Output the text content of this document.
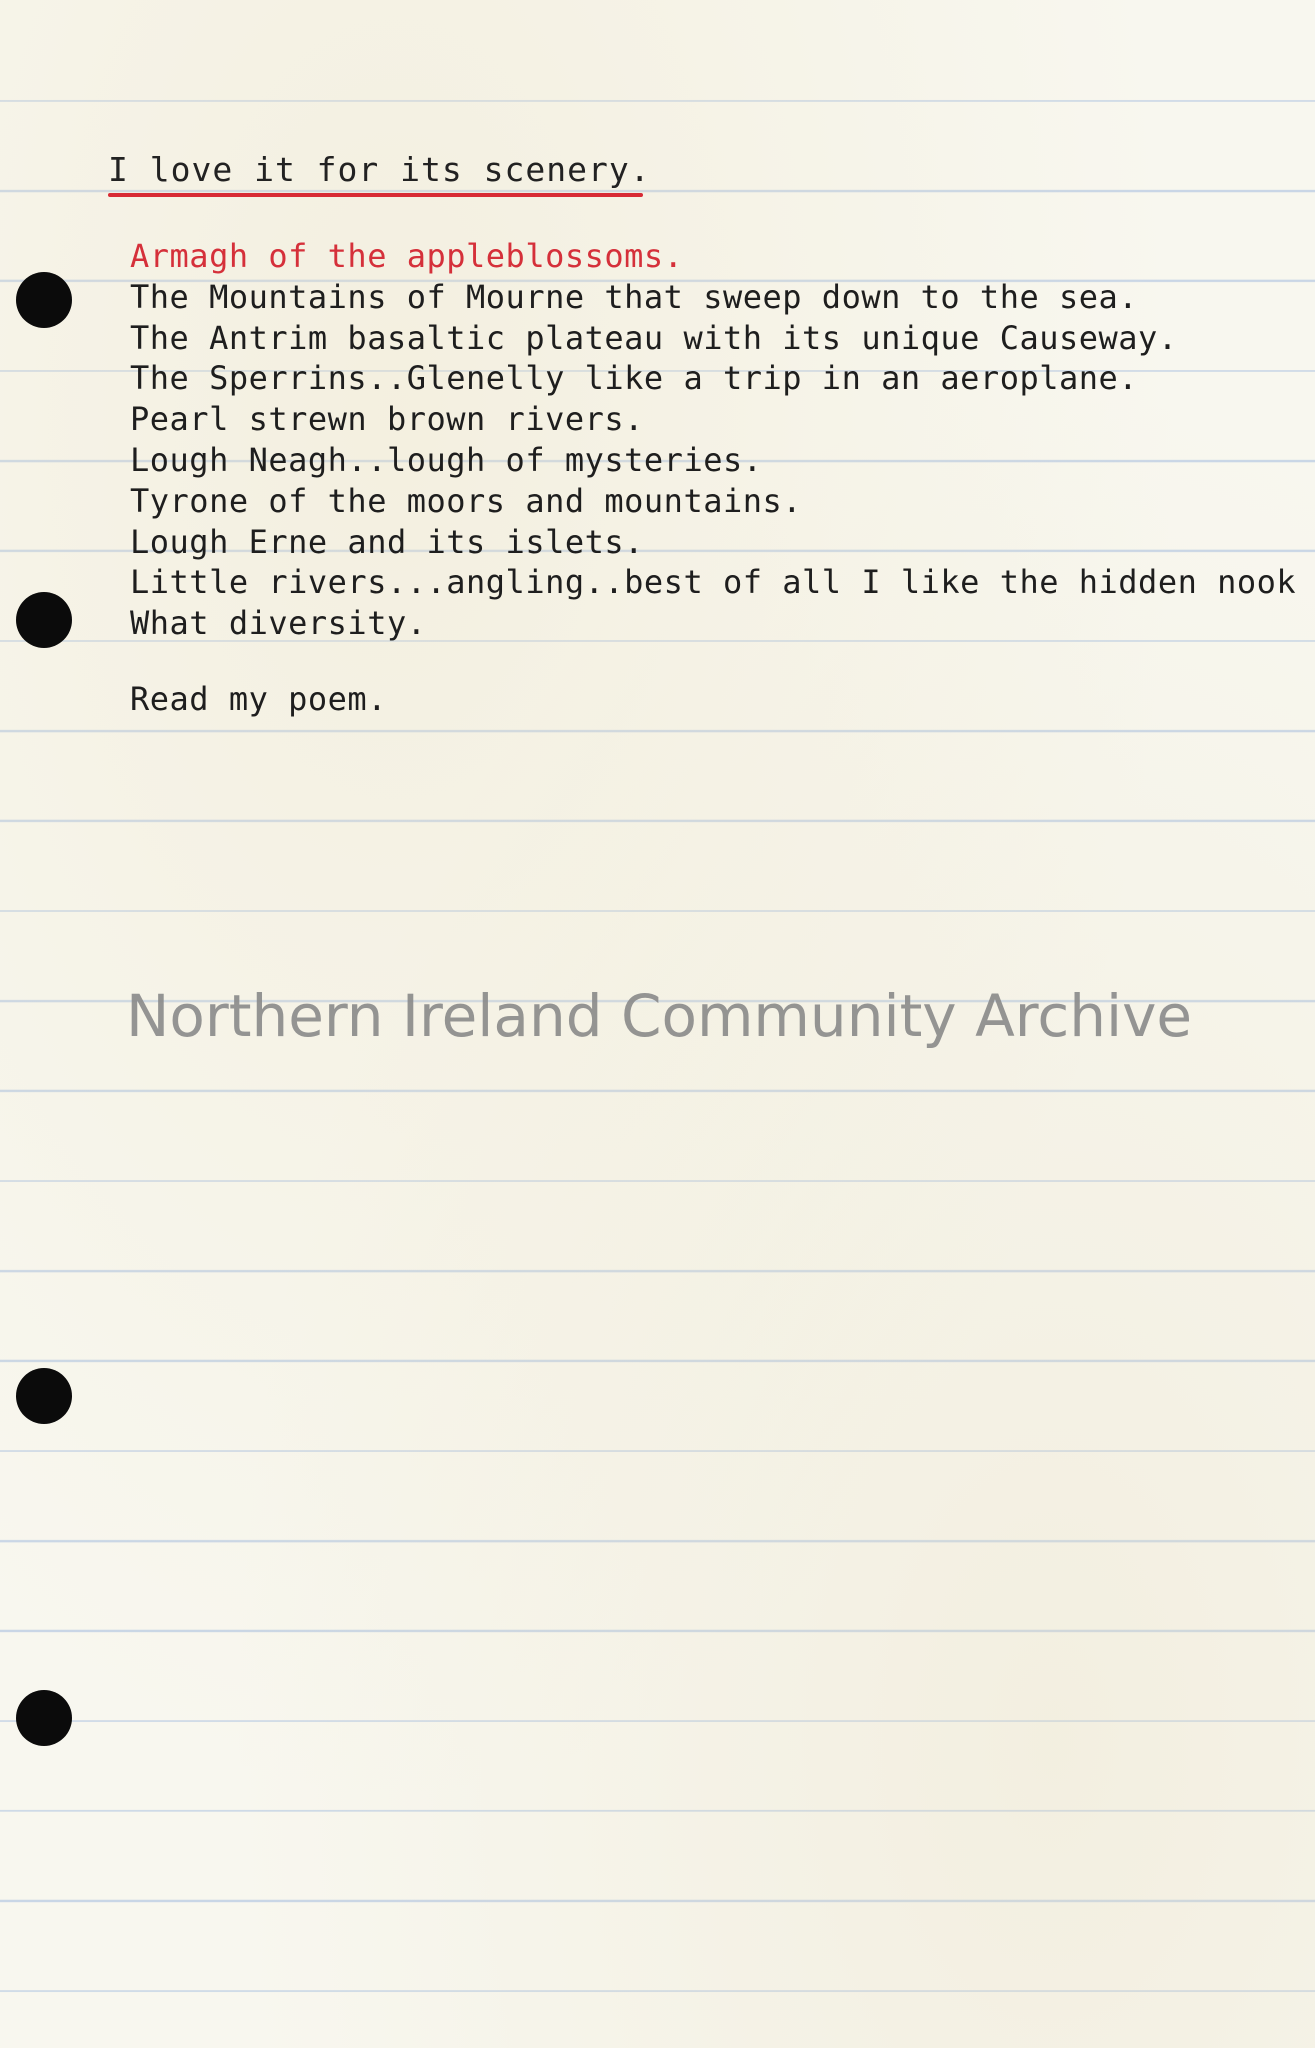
I love it for its scenery.
Armagh of the appleblossoms.
The Mountains of Mourne that sweep down to the sea.
The Antrim basaltic plateau with its unique Causeway.
The Sperrins..Glenelly like a trip in an aeroplane.
Pearl strewn brown rivers.
Lough Neagh..lough of mysteries.
Tyrone of the moors and mountains.
Lough Erne and its islets.
Little rivers...angling..best of all I like the hidden nook
What diversity.

Read my poem.

Northern Ireland Community Archive
